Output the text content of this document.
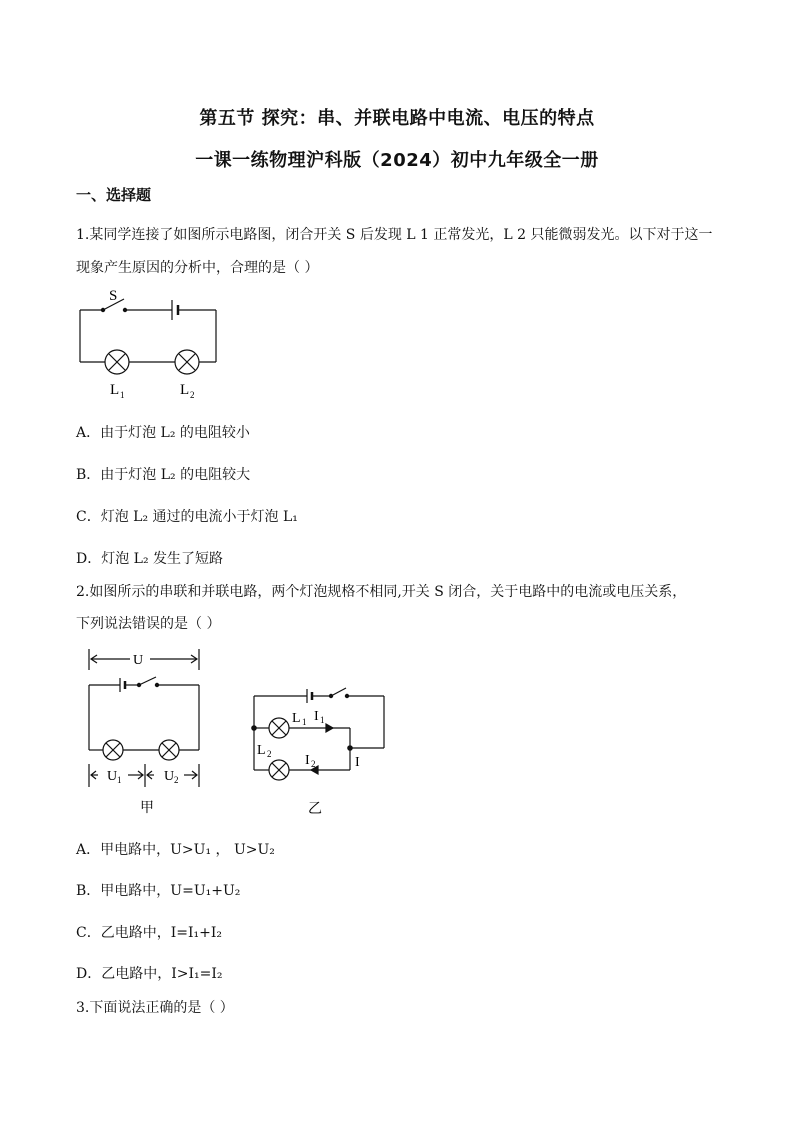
第五节 探究：串、并联电路中电流、电压的特点
一课一练物理沪科版（2024）初中九年级全一册
一、选择题
1.某同学连接了如图所示电路图，闭合开关 S 后发现 L 1 正常发光，L 2 只能微弱发光。以下对于这一
现象产生原因的分析中，合理的是（ ）
S
L 1	L 2
A．由于灯泡 L₂ 的电阻较小
B．由于灯泡 L₂ 的电阻较大
C．灯泡 L₂ 通过的电流小于灯泡 L₁
D．灯泡 L₂ 发生了短路
2.如图所示的串联和并联电路，两个灯泡规格不相同,开关 S 闭合，关于电路中的电流或电压关系，
下列说法错误的是（ ）
U
U 1	U 2
甲
L 1 I 1
L 2 I 2	I
乙
A．甲电路中，U>U₁ ， U>U₂
B．甲电路中，U=U₁+U₂
C．乙电路中，I=I₁+I₂
D．乙电路中，I>I₁=I₂
3.下面说法正确的是（ ）
